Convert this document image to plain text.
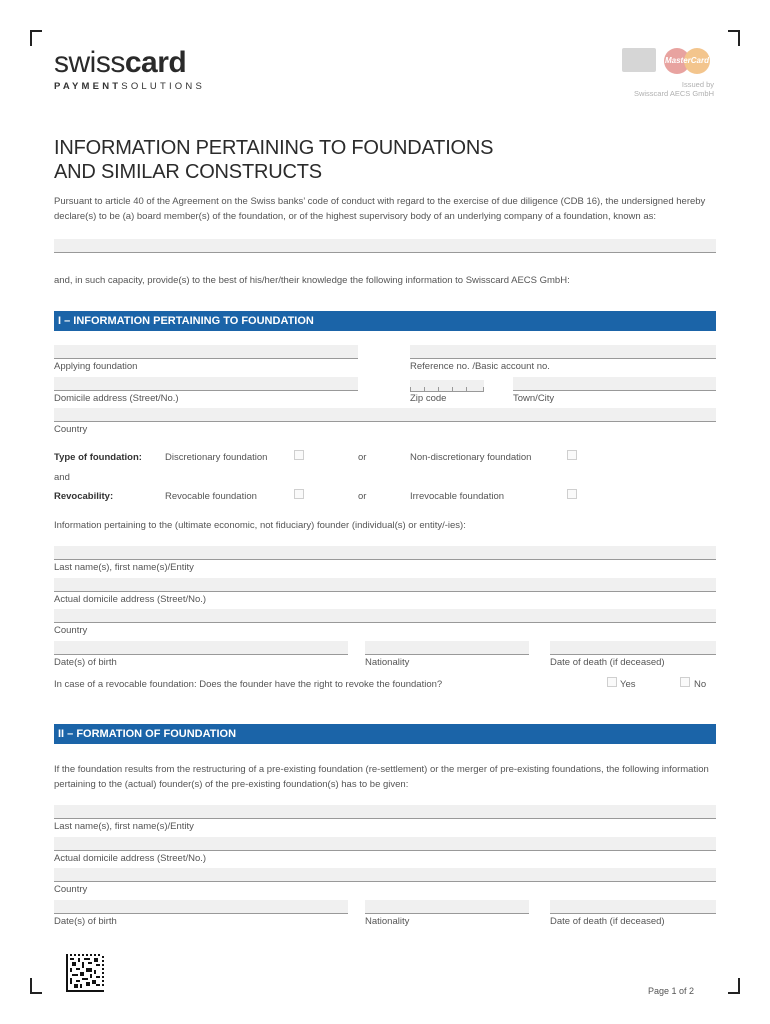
swisscard
PAYMENTSOLUTIONS
MasterCard
Issued by
Swisscard AECS GmbH
INFORMATION PERTAINING TO FOUNDATIONS
AND SIMILAR CONSTRUCTS
Pursuant to article 40 of the Agreement on the Swiss banks’ code of conduct with regard to the exercise of due diligence (CDB 16), the undersigned hereby declare(s) to be (a) board member(s) of the foundation, or of the highest supervisory body of an underlying company of a foundation, known as:
and, in such capacity, provide(s) to the best of his/her/their knowledge the following information to Swisscard AECS GmbH:
I – INFORMATION PERTAINING TO FOUNDATION
Applying foundation	Reference no. /Basic account no.
Domicile address (Street/No.)	Zip code	Town/City
Country
Type of foundation: Discretionary foundation	or	Non-discretionary foundation
and
Revocability:	Revocable foundation	or	Irrevocable foundation
Information pertaining to the (ultimate economic, not fiduciary) founder (individual(s) or entity/-ies):
Last name(s), first name(s)/Entity
Actual domicile address (Street/No.)
Country
Date(s) of birth	Nationality	Date of death (if deceased)
In case of a revocable foundation: Does the founder have the right to revoke the foundation?	Yes	No
II – FORMATION OF FOUNDATION
If the foundation results from the restructuring of a pre-existing foundation (re-settlement) or the merger of pre-existing foundations, the following information pertaining to the (actual) founder(s) of the pre-existing foundation(s) has to be given:
Last name(s), first name(s)/Entity
Actual domicile address (Street/No.)
Country
Date(s) of birth	Nationality	Date of death (if deceased)
Page 1 of 2
